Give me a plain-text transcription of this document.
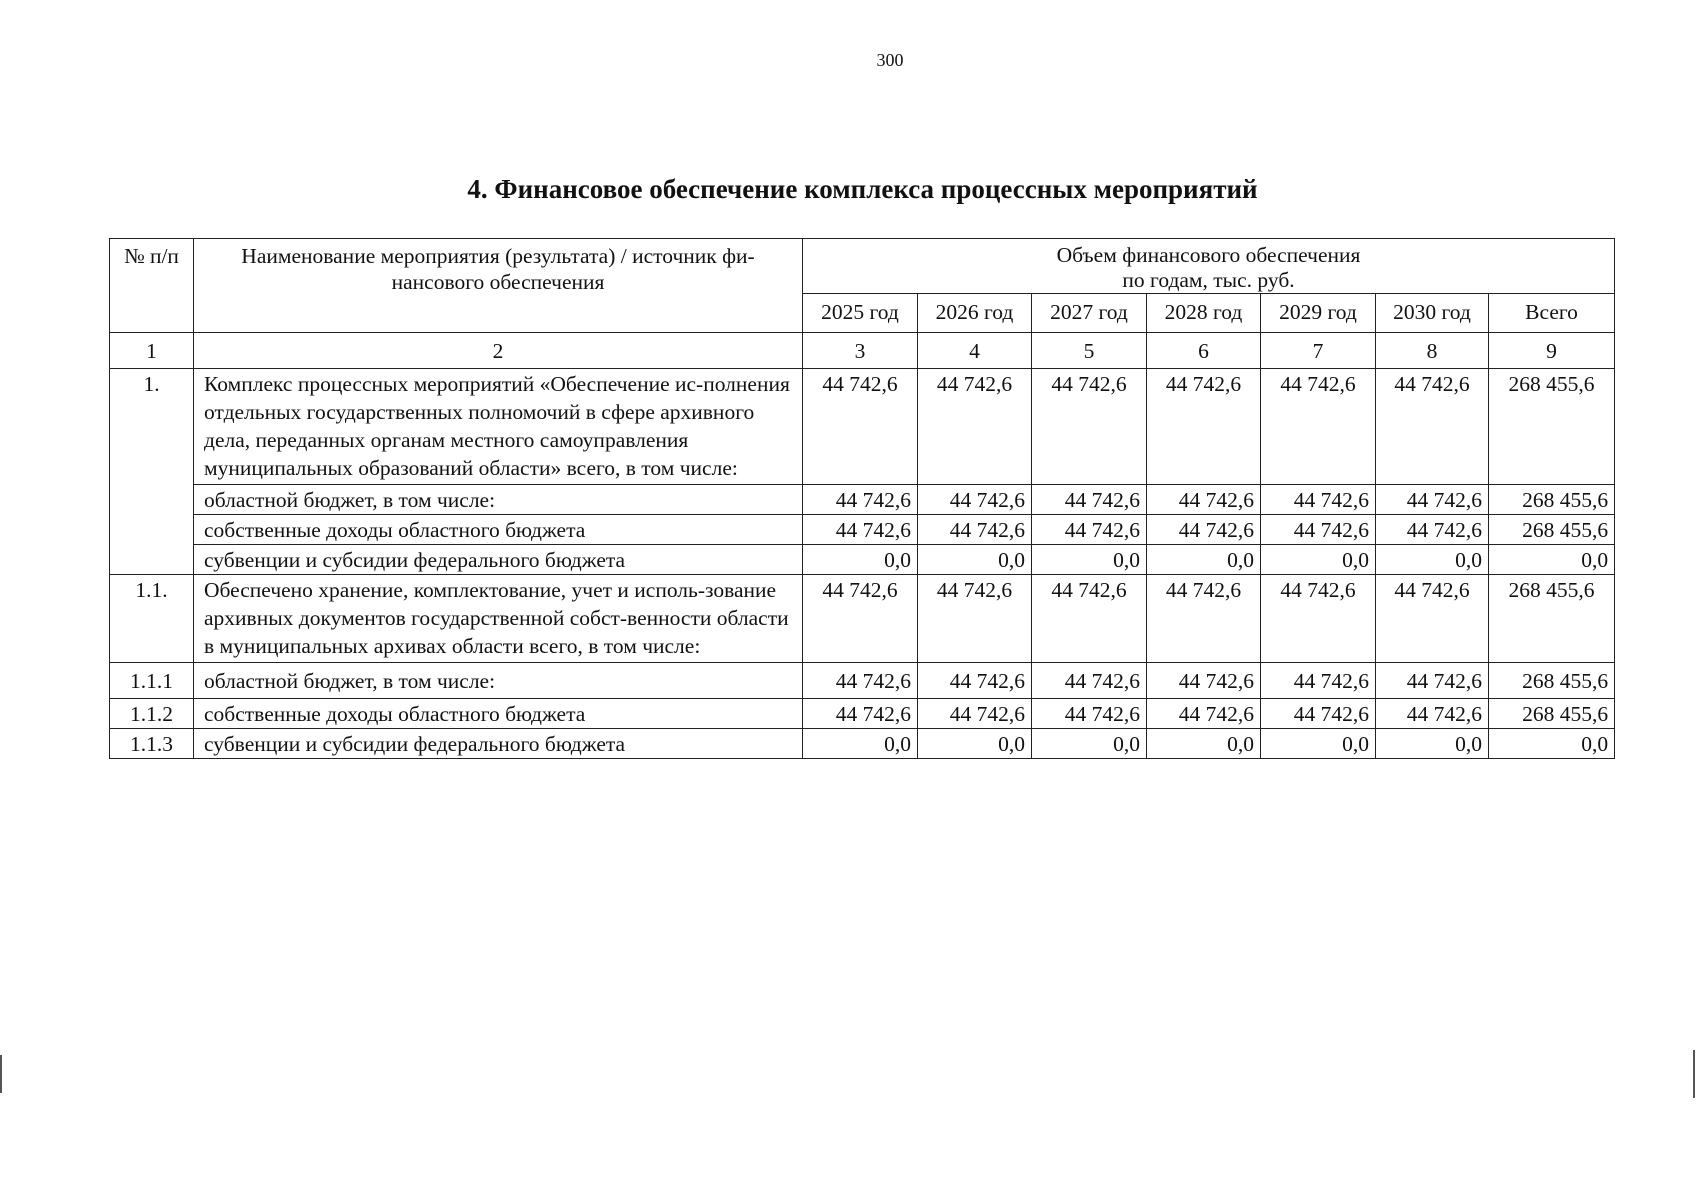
300
4. Финансовое обеспечение комплекса процессных мероприятий
№ п/п	Наименование мероприятия (результата) / источник фи-нансового обеспечения	Объем финансового обеспечения
по годам, тыс. руб.						

		2025 год	2026 год	2027 год	2028 год	2029 год	2030 год	Всего
1	2	3	4	5	6	7	8	9
1.	Комплекс процессных мероприятий «Обеспечение ис-полнения отдельных государственных полномочий в сфере архивного дела, переданных органам местного самоуправления муниципальных образований области» всего, в том числе:	44 742,6	44 742,6	44 742,6	44 742,6	44 742,6	44 742,6	268 455,6
	областной бюджет, в том числе:	44 742,6	44 742,6	44 742,6	44 742,6	44 742,6	44 742,6	268 455,6
	собственные доходы областного бюджета	44 742,6	44 742,6	44 742,6	44 742,6	44 742,6	44 742,6	268 455,6
	субвенции и субсидии федерального бюджета	0,0	0,0	0,0	0,0	0,0	0,0	0,0
1.1.	Обеспечено хранение, комплектование, учет и исполь-зование архивных документов государственной собст-венности области в муниципальных архивах области всего, в том числе:	44 742,6	44 742,6	44 742,6	44 742,6	44 742,6	44 742,6	268 455,6
1.1.1	областной бюджет, в том числе:	44 742,6	44 742,6	44 742,6	44 742,6	44 742,6	44 742,6	268 455,6
1.1.2	собственные доходы областного бюджета	44 742,6	44 742,6	44 742,6	44 742,6	44 742,6	44 742,6	268 455,6
1.1.3	субвенции и субсидии федерального бюджета	0,0	0,0	0,0	0,0	0,0	0,0	0,0
